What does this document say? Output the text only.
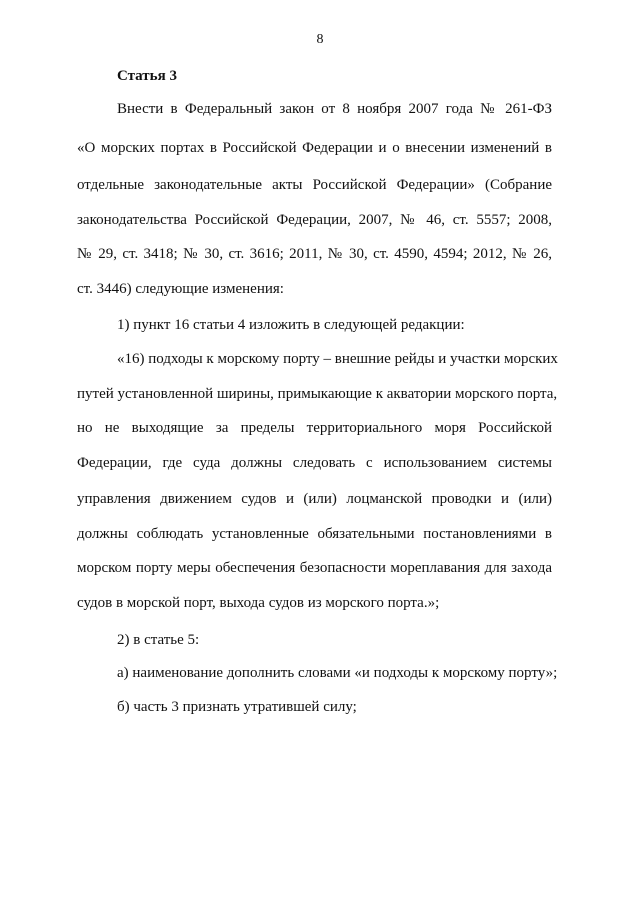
8
Статья 3
Внести в Федеральный закон от 8 ноября 2007 года № 261-ФЗ
«О морских портах в Российской Федерации и о внесении изменений в
отдельные законодательные акты Российской Федерации» (Собрание
законодательства Российской Федерации, 2007, № 46, ст. 5557; 2008,
№ 29, ст. 3418; № 30, ст. 3616; 2011, № 30, ст. 4590, 4594; 2012, № 26,
ст. 3446) следующие изменения:
1) пункт 16 статьи 4 изложить в следующей редакции:
«16) подходы к морскому порту – внешние рейды и участки морских
путей установленной ширины, примыкающие к акватории морского порта,
но не выходящие за пределы территориального моря Российской
Федерации, где суда должны следовать с использованием системы
управления движением судов и (или) лоцманской проводки и (или)
должны соблюдать установленные обязательными постановлениями в
морском порту меры обеспечения безопасности мореплавания для захода
судов в морской порт, выхода судов из морского порта.»;
2) в статье 5:
а) наименование дополнить словами «и подходы к морскому порту»;
б) часть 3 признать утратившей силу;
